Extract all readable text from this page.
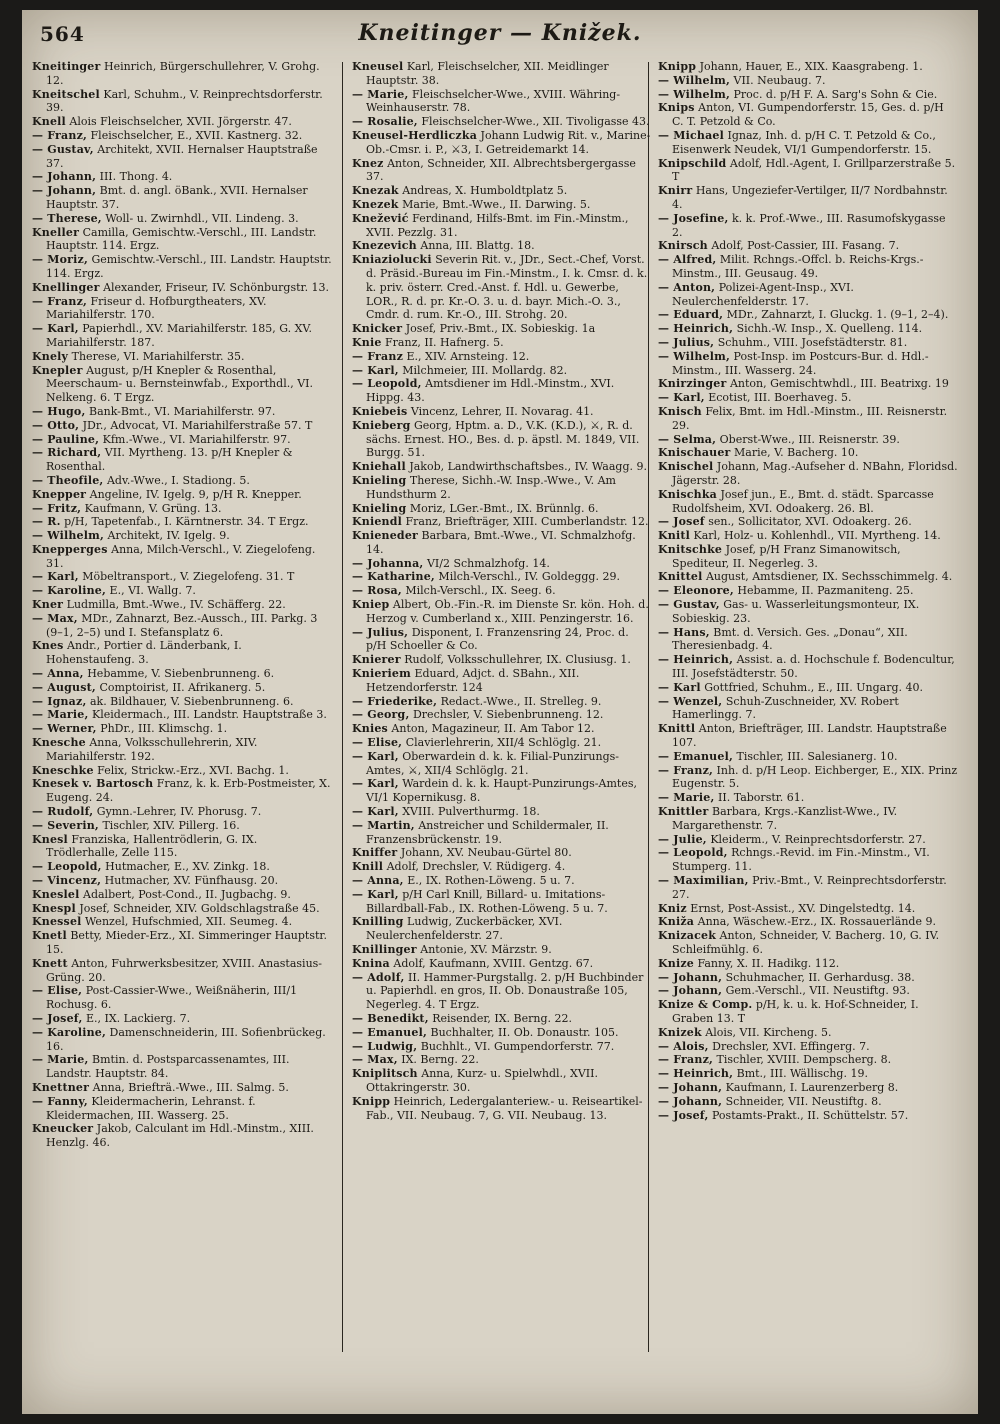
564	Kneitinger — Knižek.
Kneitinger Heinrich, Bürgerschullehrer, V. Grohg. 12.
Kneitschel Karl, Schuhm., V. Reinprechtsdorferstr. 39.
Knell Alois Fleischselcher, XVII. Jörgerstr. 47.
— Franz, Fleischselcher, E., XVII. Kastnerg. 32.
— Gustav, Architekt, XVII. Hernalser Hauptstraße 37.
— Johann, III. Thong. 4.
— Johann, Bmt. d. angl. öBank., XVII. Hernalser Hauptstr. 37.
— Therese, Woll- u. Zwirnhdl., VII. Lindeng. 3.
Kneller Camilla, Gemischtw.-Verschl., III. Landstr. Hauptstr. 114. Ergz.
— Moriz, Gemischtw.-Verschl., III. Landstr. Hauptstr. 114. Ergz.
Knellinger Alexander, Friseur, IV. Schönburgstr. 13.
— Franz, Friseur d. Hofburgtheaters, XV. Mariahilferstr. 170.
— Karl, Papierhdl., XV. Mariahilferstr. 185, G. XV. Mariahilferstr. 187.
Knely Therese, VI. Mariahilferstr. 35.
Knepler August, p/H Knepler & Rosenthal, Meerschaum- u. Bernsteinwfab., Exporthdl., VI. Nelkeng. 6. T Ergz.
— Hugo, Bank-Bmt., VI. Mariahilferstr. 97.
— Otto, JDr., Advocat, VI. Mariahilferstraße 57. T
— Pauline, Kfm.-Wwe., VI. Mariahilferstr. 97.
— Richard, VII. Myrtheng. 13. p/H Knepler & Rosenthal.
— Theofile, Adv.-Wwe., I. Stadiong. 5.
Knepper Angeline, IV. Igelg. 9, p/H R. Knepper.
— Fritz, Kaufmann, V. Grüng. 13.
— R. p/H, Tapetenfab., I. Kärntnerstr. 34. T Ergz.
— Wilhelm, Architekt, IV. Igelg. 9.
Knepperges Anna, Milch-Verschl., V. Ziegelofeng. 31.
— Karl, Möbeltransport., V. Ziegelofeng. 31. T
— Karoline, E., VI. Wallg. 7.
Kner Ludmilla, Bmt.-Wwe., IV. Schäfferg. 22.
— Max, MDr., Zahnarzt, Bez.-Aussch., III. Parkg. 3 (9–1, 2–5) und I. Stefansplatz 6.
Knes Andr., Portier d. Länderbank, I. Hohenstaufeng. 3.
— Anna, Hebamme, V. Siebenbrunneng. 6.
— August, Comptoirist, II. Afrikanerg. 5.
— Ignaz, ak. Bildhauer, V. Siebenbrunneng. 6.
— Marie, Kleidermach., III. Landstr. Hauptstraße 3.
— Werner, PhDr., III. Klimschg. 1.
Knesche Anna, Volksschullehrerin, XIV. Mariahilferstr. 192.
Kneschke Felix, Strickw.-Erz., XVI. Bachg. 1.
Knesek v. Bartosch Franz, k. k. Erb-Postmeister, X. Eugeng. 24.
— Rudolf, Gymn.-Lehrer, IV. Phorusg. 7.
— Severin, Tischler, XIV. Pillerg. 16.
Knesl Franziska, Hallentrödlerin, G. IX. Trödlerhalle, Zelle 115.
— Leopold, Hutmacher, E., XV. Zinkg. 18.
— Vincenz, Hutmacher, XV. Fünfhausg. 20.
Kneslel Adalbert, Post-Cond., II. Jugbachg. 9.
Knespl Josef, Schneider, XIV. Goldschlagstraße 45.
Knessel Wenzel, Hufschmied, XII. Seumeg. 4.
Knetl Betty, Mieder-Erz., XI. Simmeringer Hauptstr. 15.
Knett Anton, Fuhrwerksbesitzer, XVIII. Anastasius-Grüng. 20.
— Elise, Post-Cassier-Wwe., Weißnäherin, III/1 Rochusg. 6.
— Josef, E., IX. Lackierg. 7.
— Karoline, Damenschneiderin, III. Sofienbrückeg. 16.
— Marie, Bmtin. d. Postsparcassenamtes, III. Landstr. Hauptstr. 84.
Knettner Anna, Briefträ.-Wwe., III. Salmg. 5.
— Fanny, Kleidermacherin, Lehranst. f. Kleidermachen, III. Wasserg. 25.
Kneucker Jakob, Calculant im Hdl.-Minstm., XIII. Henzlg. 46.
Kneusel Karl, Fleischselcher, XII. Meidlinger Hauptstr. 38.
— Marie, Fleischselcher-Wwe., XVIII. Währing-Weinhauserstr. 78.
— Rosalie, Fleischselcher-Wwe., XII. Tivoligasse 43.
Kneusel-Herdliczka Johann Ludwig Rit. v., Marine-Ob.-Cmsr. i. P., ⚔3, I. Getreidemarkt 14.
Knez Anton, Schneider, XII. Albrechtsbergergasse 37.
Knezak Andreas, X. Humboldtplatz 5.
Knezek Marie, Bmt.-Wwe., II. Darwing. 5.
Knežević Ferdinand, Hilfs-Bmt. im Fin.-Minstm., XVII. Pezzlg. 31.
Knezevich Anna, III. Blattg. 18.
Kniaziolucki Severin Rit. v., JDr., Sect.-Chef, Vorst. d. Präsid.-Bureau im Fin.-Minstm., I. k. Cmsr. d. k. k. priv. österr. Cred.-Anst. f. Hdl. u. Gewerbe, LOR., R. d. pr. Kr.-O. 3. u. d. bayr. Mich.-O. 3., Cmdr. d. rum. Kr.-O., III. Strohg. 20.
Knicker Josef, Priv.-Bmt., IX. Sobieskig. 1a
Knie Franz, II. Hafnerg. 5.
— Franz E., XIV. Arnsteing. 12.
— Karl, Milchmeier, III. Mollardg. 82.
— Leopold, Amtsdiener im Hdl.-Minstm., XVI. Hippg. 43.
Kniebeis Vincenz, Lehrer, II. Novarag. 41.
Knieberg Georg, Hptm. a. D., V.K. (K.D.), ⚔, R. d. sächs. Ernest. HO., Bes. d. p. äpstl. M. 1849, VII. Burgg. 51.
Kniehall Jakob, Landwirthschaftsbes., IV. Waagg. 9.
Knieling Therese, Sichh.-W. Insp.-Wwe., V. Am Hundsthurm 2.
Knieling Moriz, LGer.-Bmt., IX. Brünnlg. 6.
Kniendl Franz, Briefträger, XIII. Cumberlandstr. 12.
Knieneder Barbara, Bmt.-Wwe., VI. Schmalzhofg. 14.
— Johanna, VI/2 Schmalzhofg. 14.
— Katharine, Milch-Verschl., IV. Goldeggg. 29.
— Rosa, Milch-Verschl., IX. Seeg. 6.
Kniep Albert, Ob.-Fin.-R. im Dienste Sr. kön. Hoh. d. Herzog v. Cumberland x., XIII. Penzingerstr. 16.
— Julius, Disponent, I. Franzensring 24, Proc. d. p/H Schoeller & Co.
Knierer Rudolf, Volksschullehrer, IX. Clusiusg. 1.
Knieriem Eduard, Adjct. d. SBahn., XII. Hetzendorferstr. 124
— Friederike, Redact.-Wwe., II. Strelleg. 9.
— Georg, Drechsler, V. Siebenbrunneng. 12.
Knies Anton, Magazineur, II. Am Tabor 12.
— Elise, Clavierlehrerin, XII/4 Schlöglg. 21.
— Karl, Oberwardein d. k. k. Filial-Punzirungs-Amtes, ⚔, XII/4 Schlöglg. 21.
— Karl, Wardein d. k. k. Haupt-Punzirungs-Amtes, VI/1 Kopernikusg. 8.
— Karl, XVIII. Pulverthurmg. 18.
— Martin, Anstreicher und Schildermaler, II. Franzensbrückenstr. 19.
Kniffer Johann, XV. Neubau-Gürtel 80.
Knill Adolf, Drechsler, V. Rüdigerg. 4.
— Anna, E., IX. Rothen-Löweng. 5 u. 7.
— Karl, p/H Carl Knill, Billard- u. Imitations-Billardball-Fab., IX. Rothen-Löweng. 5 u. 7.
Knilling Ludwig, Zuckerbäcker, XVI. Neulerchenfelderstr. 27.
Knillinger Antonie, XV. Märzstr. 9.
Knina Adolf, Kaufmann, XVIII. Gentzg. 67.
— Adolf, II. Hammer-Purgstallg. 2. p/H Buchbinder u. Papierhdl. en gros, II. Ob. Donaustraße 105, Negerleg. 4. T Ergz.
— Benedikt, Reisender, IX. Berng. 22.
— Emanuel, Buchhalter, II. Ob. Donaustr. 105.
— Ludwig, Buchhlt., VI. Gumpendorferstr. 77.
— Max, IX. Berng. 22.
Kniplitsch Anna, Kurz- u. Spielwhdl., XVII. Ottakringerstr. 30.
Knipp Heinrich, Ledergalanteriew.- u. Reiseartikel-Fab., VII. Neubaug. 7, G. VII. Neubaug. 13.
Knipp Johann, Hauer, E., XIX. Kaasgrabeng. 1.
— Wilhelm, VII. Neubaug. 7.
— Wilhelm, Proc. d. p/H F. A. Sarg's Sohn & Cie.
Knips Anton, VI. Gumpendorferstr. 15, Ges. d. p/H C. T. Petzold & Co.
— Michael Ignaz, Inh. d. p/H C. T. Petzold & Co., Eisenwerk Neudek, VI/1 Gumpendorferstr. 15.
Knipschild Adolf, Hdl.-Agent, I. Grillparzerstraße 5. T
Knirr Hans, Ungeziefer-Vertilger, II/7 Nordbahnstr. 4.
— Josefine, k. k. Prof.-Wwe., III. Rasumofskygasse 2.
Knirsch Adolf, Post-Cassier, III. Fasang. 7.
— Alfred, Milit. Rchngs.-Offcl. b. Reichs-Krgs.-Minstm., III. Geusaug. 49.
— Anton, Polizei-Agent-Insp., XVI. Neulerchenfelderstr. 17.
— Eduard, MDr., Zahnarzt, I. Gluckg. 1. (9–1, 2–4).
— Heinrich, Sichh.-W. Insp., X. Quelleng. 114.
— Julius, Schuhm., VIII. Josefstädterstr. 81.
— Wilhelm, Post-Insp. im Postcurs-Bur. d. Hdl.-Minstm., III. Wasserg. 24.
Knirzinger Anton, Gemischtwhdl., III. Beatrixg. 19
— Karl, Ecotist, III. Boerhaveg. 5.
Knisch Felix, Bmt. im Hdl.-Minstm., III. Reisnerstr. 29.
— Selma, Oberst-Wwe., III. Reisnerstr. 39.
Knischauer Marie, V. Bacherg. 10.
Knischel Johann, Mag.-Aufseher d. NBahn, Floridsd. Jägerstr. 28.
Knischka Josef jun., E., Bmt. d. städt. Sparcasse Rudolfsheim, XVI. Odoakerg. 26. Bl.
— Josef sen., Sollicitator, XVI. Odoakerg. 26.
Knitl Karl, Holz- u. Kohlenhdl., VII. Myrtheng. 14.
Knitschke Josef, p/H Franz Simanowitsch, Spediteur, II. Negerleg. 3.
Knittel August, Amtsdiener, IX. Sechsschimmelg. 4.
— Eleonore, Hebamme, II. Pazmaniteng. 25.
— Gustav, Gas- u. Wasserleitungsmonteur, IX. Sobieskig. 23.
— Hans, Bmt. d. Versich. Ges. „Donau“, XII. Theresienbadg. 4.
— Heinrich, Assist. a. d. Hochschule f. Bodencultur, III. Josefstädterstr. 50.
— Karl Gottfried, Schuhm., E., III. Ungarg. 40.
— Wenzel, Schuh-Zuschneider, XV. Robert Hamerlingg. 7.
Knittl Anton, Briefträger, III. Landstr. Hauptstraße 107.
— Emanuel, Tischler, III. Salesianerg. 10.
— Franz, Inh. d. p/H Leop. Eichberger, E., XIX. Prinz Eugenstr. 5.
— Marie, II. Taborstr. 61.
Knittler Barbara, Krgs.-Kanzlist-Wwe., IV. Margarethenstr. 7.
— Julie, Kleiderm., V. Reinprechtsdorferstr. 27.
— Leopold, Rchngs.-Revid. im Fin.-Minstm., VI. Stumperg. 11.
— Maximilian, Priv.-Bmt., V. Reinprechtsdorferstr. 27.
Kniz Ernst, Post-Assist., XV. Dingelstedtg. 14.
Kniža Anna, Wäschew.-Erz., IX. Rossauerlände 9.
Knizacek Anton, Schneider, V. Bacherg. 10, G. IV. Schleifmühlg. 6.
Knize Fanny, X. II. Hadikg. 112.
— Johann, Schuhmacher, II. Gerhardusg. 38.
— Johann, Gem.-Verschl., VII. Neustiftg. 93.
Knize & Comp. p/H, k. u. k. Hof-Schneider, I. Graben 13. T
Knizek Alois, VII. Kircheng. 5.
— Alois, Drechsler, XVI. Effingerg. 7.
— Franz, Tischler, XVIII. Dempscherg. 8.
— Heinrich, Bmt., III. Wällischg. 19.
— Johann, Kaufmann, I. Laurenzerberg 8.
— Johann, Schneider, VII. Neustiftg. 8.
— Josef, Postamts-Prakt., II. Schüttelstr. 57.
